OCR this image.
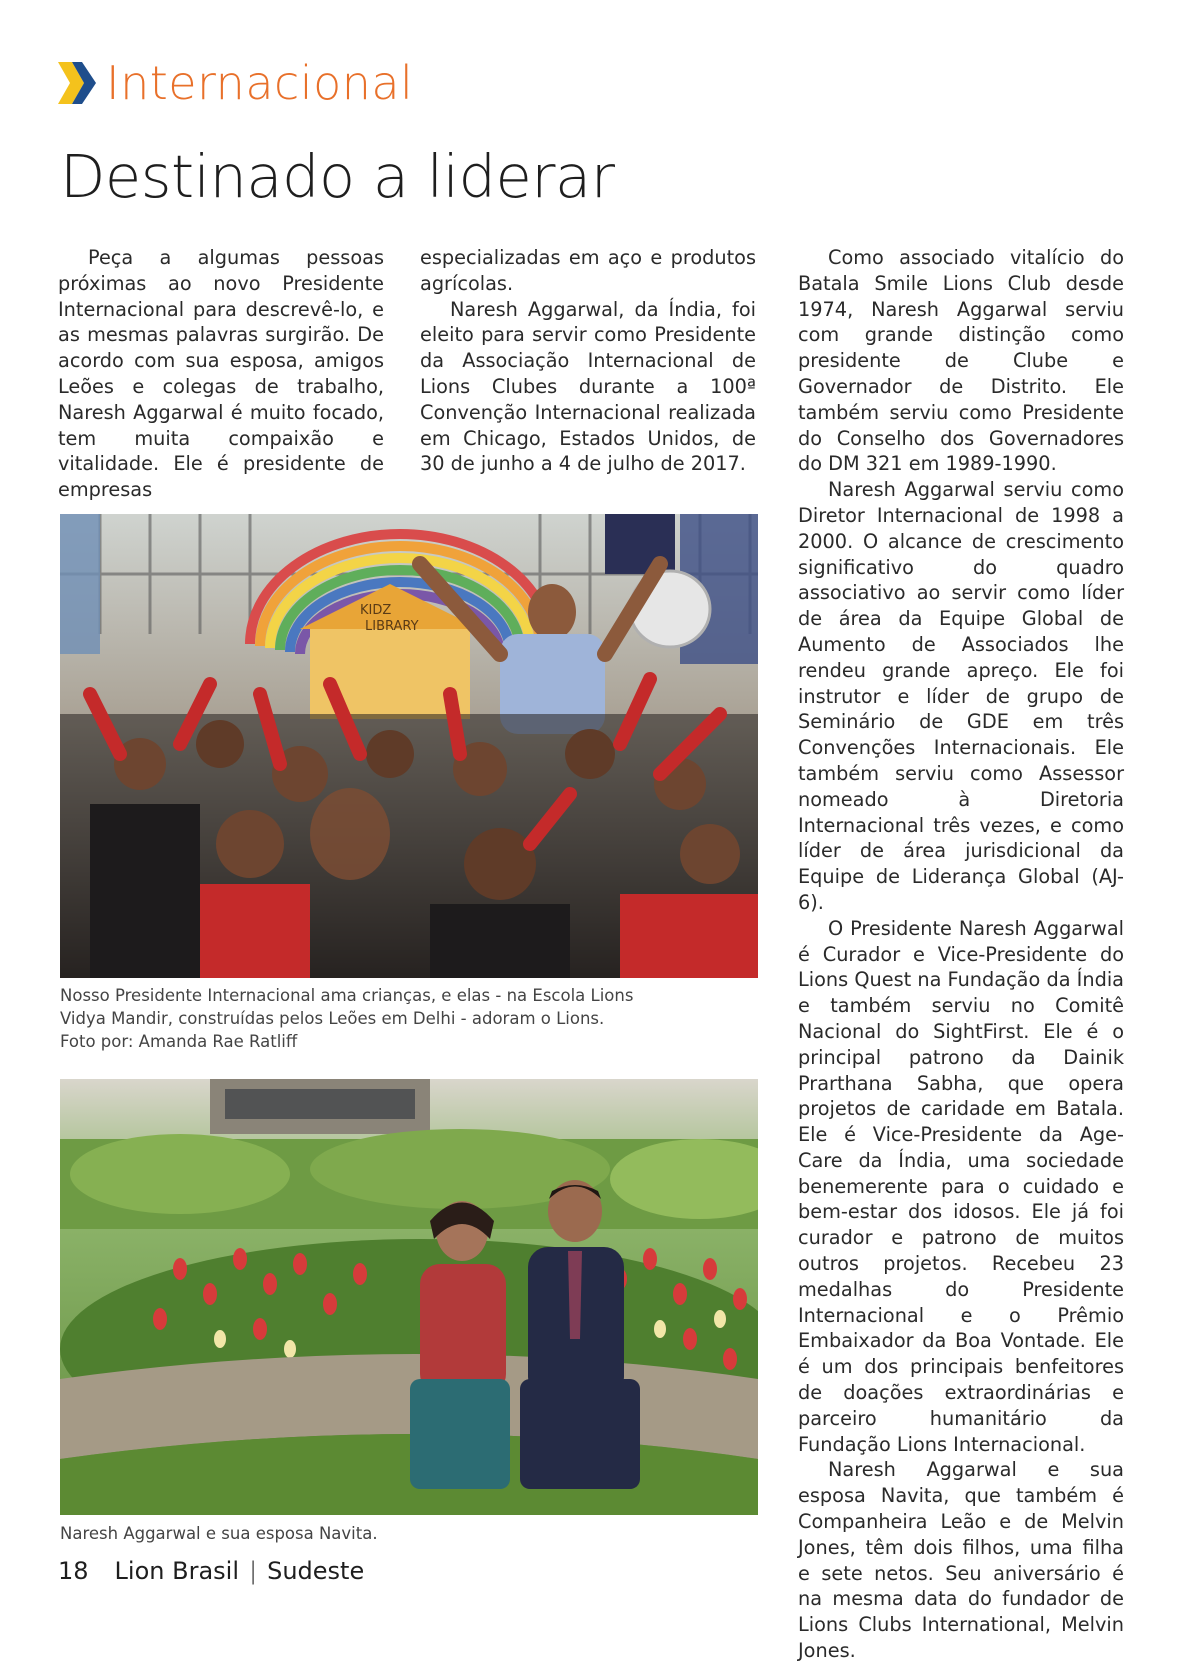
Internacional
Destinado a liderar

Peça a algumas pessoas próximas ao novo Presidente Internacional para descrevê-lo, e as mesmas palavras surgirão. De acordo com sua esposa, amigos Leões e colegas de trabalho, Naresh Aggarwal é muito focado, tem muita compaixão e vitalidade. Ele é presidente de empresas

especializadas em aço e produtos agrícolas.

Naresh Aggarwal, da Índia, foi eleito para servir como Presidente da Associação Internacional de Lions Clubes durante a 100ª Convenção Internacional realizada em Chicago, Estados Unidos, de 30 de junho a 4 de julho de 2017.

Como associado vitalício do Batala Smile Lions Club desde 1974, Naresh Aggarwal serviu com grande distinção como presidente de Clube e Governador de Distrito. Ele também serviu como Presidente do Conselho dos Governadores do DM 321 em 1989-1990.

Naresh Aggarwal serviu como Diretor Internacional de 1998 a 2000. O alcance de crescimento significativo do quadro associativo ao servir como líder de área da Equipe Global de Aumento de Associados lhe rendeu grande apreço. Ele foi instrutor e líder de grupo de Seminário de GDE em três Convenções Internacionais. Ele também serviu como Assessor nomeado à Diretoria Internacional três vezes, e como líder de área jurisdicional da Equipe de Liderança Global (AJ-6).

O Presidente Naresh Aggarwal é Curador e Vice-Presidente do Lions Quest na Fundação da Índia e também serviu no Comitê Nacional do SightFirst. Ele é o principal patrono da Dainik Prarthana Sabha, que opera projetos de caridade em Batala. Ele é Vice-Presidente da Age-Care da Índia, uma sociedade benemerente para o cuidado e bem-estar dos idosos. Ele já foi curador e patrono de muitos outros projetos. Recebeu 23 medalhas do Presidente Internacional e o Prêmio Embaixador da Boa Vontade. Ele é um dos principais benfeitores de doações extraordinárias e parceiro humanitário da Fundação Lions Internacional.

Naresh Aggarwal e sua esposa Navita, que também é Companheira Leão e de Melvin Jones, têm dois filhos, uma filha e sete netos. Seu aniversário é na mesma data do fundador de Lions Clubs International, Melvin Jones.

KIDZ
LIBRARY
Nosso Presidente Internacional ama crianças, e elas - na Escola Lions
Vidya Mandir, construídas pelos Leões em Delhi - adoram o Lions.
Foto por: Amanda Rae Ratliff
Naresh Aggarwal e sua esposa Navita.
18 Lion Brasil | Sudeste
